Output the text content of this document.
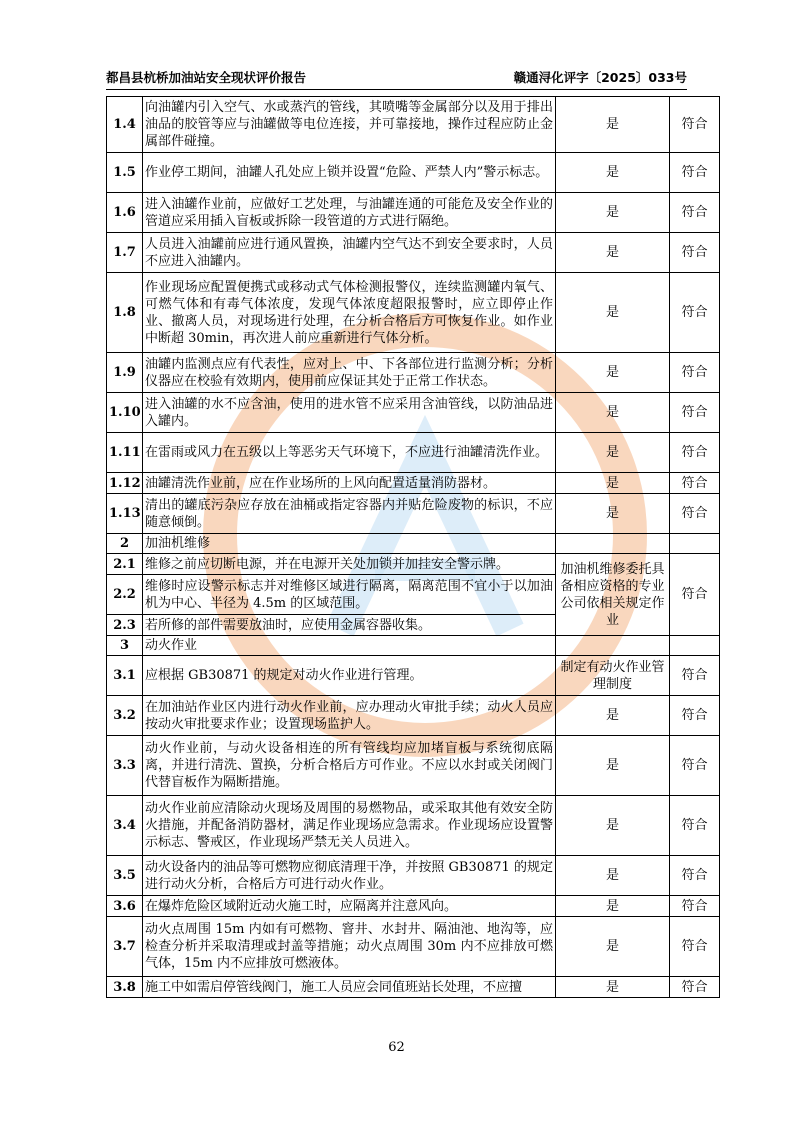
都昌县杭桥加油站安全现状评价报告	赣通浔化评字〔2025〕033号
1.4	向油罐内引入空气、水或蒸汽的管线，其喷嘴等金属部分以及用于排出油品的胶管等应与油罐做等电位连接，并可靠接地，操作过程应防止金属部件碰撞。	是	符合
1.5	作业停工期间，油罐人孔处应上锁并设置“危险、严禁人内”警示标志。	是	符合
1.6	进入油罐作业前，应做好工艺处理，与油罐连通的可能危及安全作业的管道应采用插入盲板或拆除一段管道的方式进行隔绝。	是	符合
1.7	人员进入油罐前应进行通风置换，油罐内空气达不到安全要求时，人员不应进入油罐内。	是	符合
1.8	作业现场应配置便携式或移动式气体检测报警仪，连续监测罐内氧气、可燃气体和有毒气体浓度，发现气体浓度超限报警时，应立即停止作业、撤离人员，对现场进行处理，在分析合格后方可恢复作业。如作业中断超 30min，再次进人前应重新进行气体分析。	是	符合
1.9	油罐内监测点应有代表性，应对上、中、下各部位进行监测分析；分析仪器应在校验有效期内，使用前应保证其处于正常工作状态。	是	符合
1.10	进入油罐的水不应含油，使用的进水管不应采用含油管线，以防油品进入罐内。	是	符合
1.11	在雷雨或风力在五级以上等恶劣天气环境下，不应进行油罐清洗作业。	是	符合
1.12	油罐清洗作业前，应在作业场所的上风向配置适量消防器材。	是	符合
1.13	清出的罐底污杂应存放在油桶或指定容器内并贴危险废物的标识，不应随意倾倒。	是	符合
2	加油机维修		
2.1	维修之前应切断电源，并在电源开关处加锁并加挂安全警示牌。	加油机维修委托具备相应资格的专业公司依相关规定作业	符合
2.2	维修时应设警示标志并对维修区域进行隔离，隔离范围不宜小于以加油机为中心、半径为 4.5m 的区域范围。		
2.3	若所修的部件需要放油时，应使用金属容器收集。		
3	动火作业		
3.1	应根据 GB30871 的规定对动火作业进行管理。	制定有动火作业管理制度	符合
3.2	在加油站作业区内进行动火作业前，应办理动火审批手续；动火人员应按动火审批要求作业；设置现场监护人。	是	符合
3.3	动火作业前，与动火设备相连的所有管线均应加堵盲板与系统彻底隔离，并进行清洗、置换，分析合格后方可作业。不应以水封或关闭阀门代替盲板作为隔断措施。	是	符合
3.4	动火作业前应清除动火现场及周围的易燃物品，或采取其他有效安全防火措施，并配备消防器材，满足作业现场应急需求。作业现场应设置警示标志、警戒区，作业现场严禁无关人员进入。	是	符合
3.5	动火设备内的油品等可燃物应彻底清理干净，并按照 GB30871 的规定进行动火分析，合格后方可进行动火作业。	是	符合
3.6	在爆炸危险区域附近动火施工时，应隔离并注意风向。	是	符合
3.7	动火点周围 15m 内如有可燃物、窨井、水封井、隔油池、地沟等，应检查分析并采取清理或封盖等措施；动火点周围 30m 内不应排放可燃气体，15m 内不应排放可燃液体。	是	符合
3.8	施工中如需启停管线阀门，施工人员应会同值班站长处理，不应擅	是	符合
62
